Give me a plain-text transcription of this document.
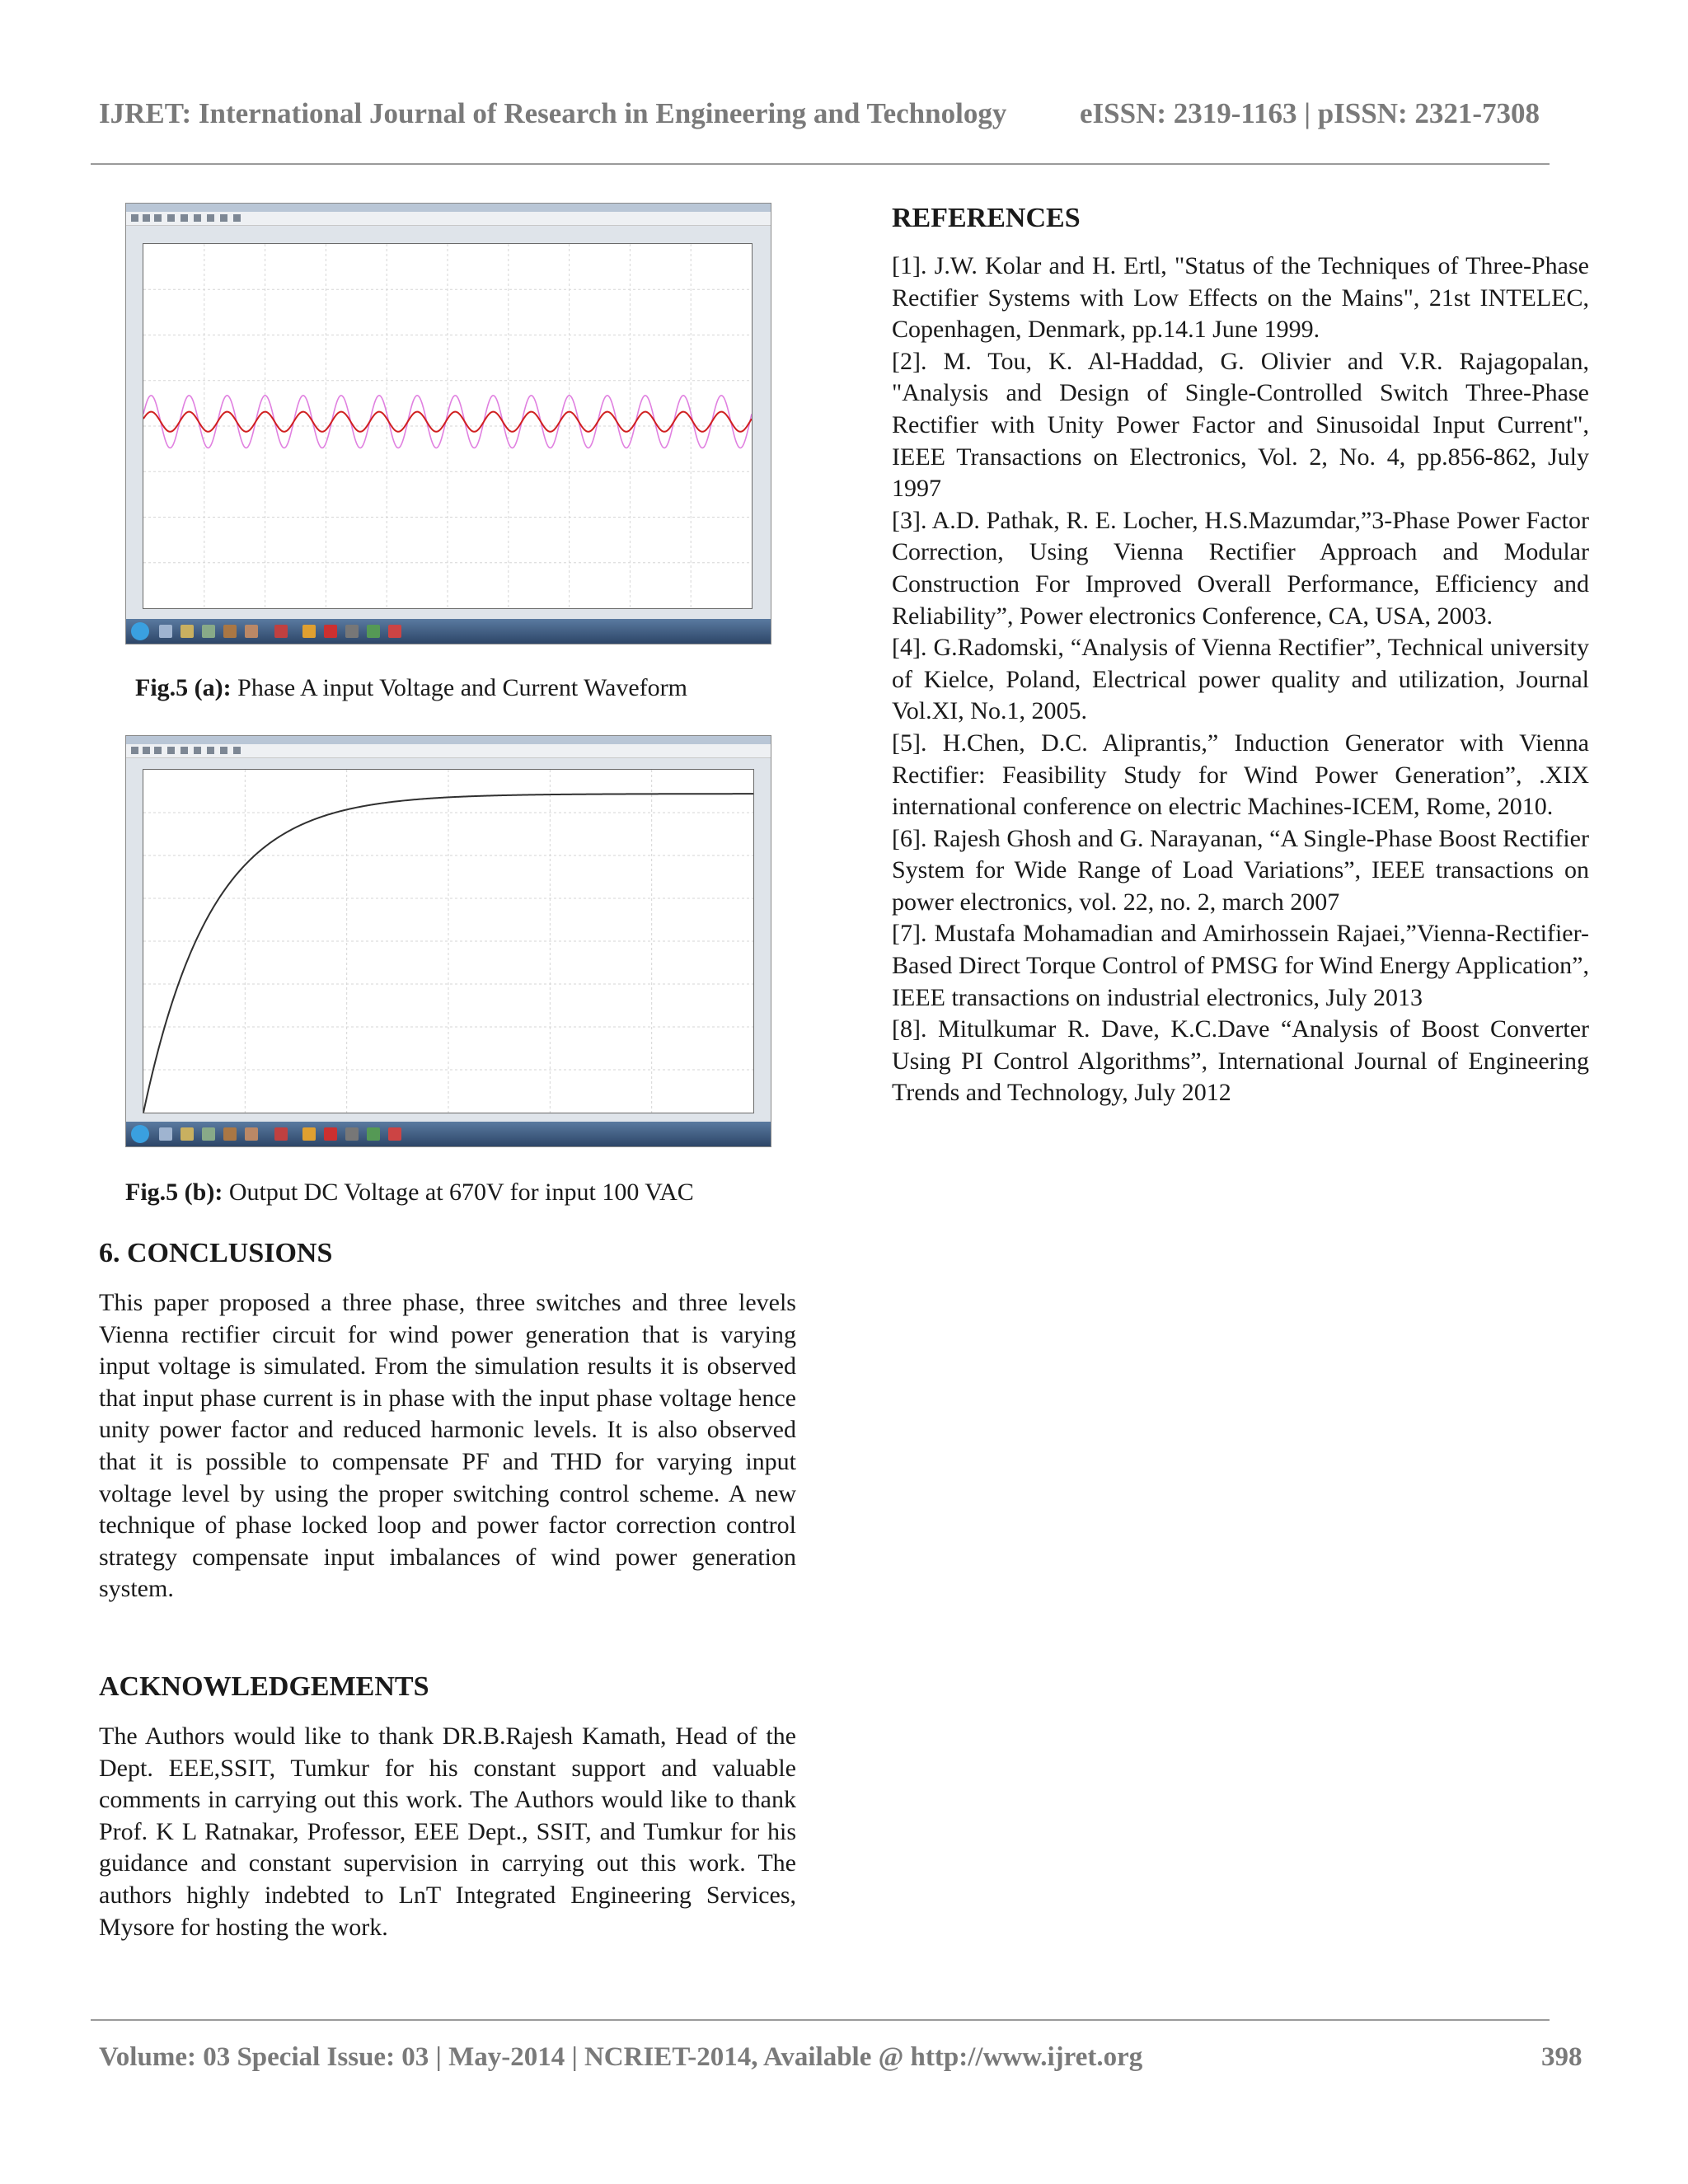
IJRET: International Journal of Research in Engineering and Technology	eISSN: 2319-1163 | pISSN: 2321-7308
Fig.5 (a): Phase A input Voltage and Current Waveform
Fig.5 (b): Output DC Voltage at 670V for input 100 VAC
6. CONCLUSIONS

This paper proposed a three phase, three switches and three levels Vienna rectifier circuit for wind power generation that is varying input voltage is simulated. From the simulation results it is observed that input phase current is in phase with the input phase voltage hence unity power factor and reduced harmonic levels. It is also observed that it is possible to compensate PF and THD for varying input voltage level by using the proper switching control scheme. A new technique of phase locked loop and power factor correction control strategy compensate input imbalances of wind power generation system.

ACKNOWLEDGEMENTS

The Authors would like to thank DR.B.Rajesh Kamath, Head of the Dept. EEE,SSIT, Tumkur for his constant support and valuable comments in carrying out this work. The Authors would like to thank Prof. K L Ratnakar, Professor, EEE Dept., SSIT, and Tumkur for his guidance and constant supervision in carrying out this work. The authors highly indebted to LnT Integrated Engineering Services, Mysore for hosting the work.

REFERENCES

[1]. J.W. Kolar and H. Ertl, "Status of the Techniques of Three-Phase Rectifier Systems with Low Effects on the Mains", 21st INTELEC, Copenhagen, Denmark, pp.14.1 June 1999.

[2]. M. Tou, K. Al-Haddad, G. Olivier and V.R. Rajagopalan, "Analysis and Design of Single-Controlled Switch Three-Phase Rectifier with Unity Power Factor and Sinusoidal Input Current", IEEE Transactions on Electronics, Vol. 2, No. 4, pp.856-862, July 1997

[3]. A.D. Pathak, R. E. Locher, H.S.Mazumdar,”3-Phase Power Factor Correction, Using Vienna Rectifier Approach and Modular Construction For Improved Overall Performance, Efficiency and Reliability”, Power electronics Conference, CA, USA, 2003.

[4]. G.Radomski, “Analysis of Vienna Rectifier”, Technical university of Kielce, Poland, Electrical power quality and utilization, Journal Vol.XI, No.1, 2005.

[5]. H.Chen, D.C. Aliprantis,” Induction Generator with Vienna Rectifier: Feasibility Study for Wind Power Generation”, .XIX international conference on electric Machines-ICEM, Rome, 2010.

[6]. Rajesh Ghosh and G. Narayanan, “A Single-Phase Boost Rectifier System for Wide Range of Load Variations”, IEEE transactions on power electronics, vol. 22, no. 2, march 2007

[7]. Mustafa Mohamadian and Amirhossein Rajaei,”Vienna-Rectifier-Based Direct Torque Control of PMSG for Wind Energy Application”, IEEE transactions on industrial electronics, July 2013

[8]. Mitulkumar R. Dave, K.C.Dave “Analysis of Boost Converter Using PI Control Algorithms”, International Journal of Engineering Trends and Technology, July 2012

Volume: 03 Special Issue: 03 | May-2014 | NCRIET-2014, Available @ http://www.ijret.org	398
